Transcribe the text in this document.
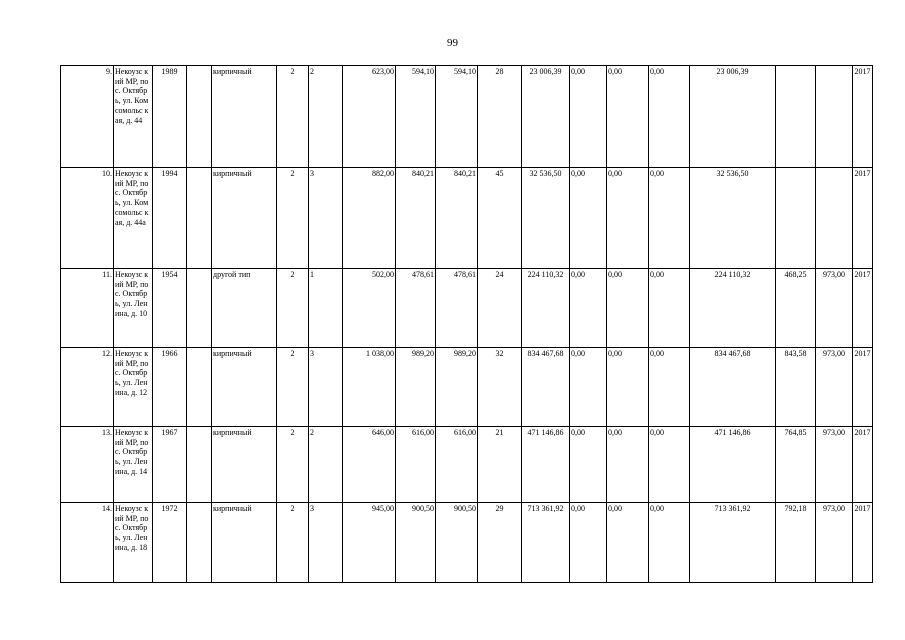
99
9.	Некоузс кий МР, пос. Октябр ь, ул. Ком сомольс кая, д. 44	1989		кирпичный	2	2	623,00	594,10	594,10	28	23 006,39	0,00	0,00	0,00	23 006,39			2017
10.	Некоузс кий МР, пос. Октябр ь, ул. Ком сомольс кая, д. 44а	1994		кирпичный	2	3	882,00	840,21	840,21	45	32 536,50	0,00	0,00	0,00	32 536,50			2017
11.	Некоузс кий МР, пос. Октябр ь, ул. Ленина, д. 10	1954		другой тип	2	1	502,00	478,61	478,61	24	224 110,32	0,00	0,00	0,00	224 110,32	468,25	973,00	2017
12.	Некоузс кий МР, пос. Октябр ь, ул. Ленина, д. 12	1966		кирпичный	2	3	1 038,00	989,20	989,20	32	834 467,68	0,00	0,00	0,00	834 467,68	843,58	973,00	2017
13.	Некоузс кий МР, пос. Октябр ь, ул. Ленина, д. 14	1967		кирпичный	2	2	646,00	616,00	616,00	21	471 146,86	0,00	0,00	0,00	471 146,86	764,85	973,00	2017
14.	Некоузс кий МР, пос. Октябр ь, ул. Ленина, д. 18	1972		кирпичный	2	3	945,00	900,50	900,50	29	713 361,92	0,00	0,00	0,00	713 361,92	792,18	973,00	2017
